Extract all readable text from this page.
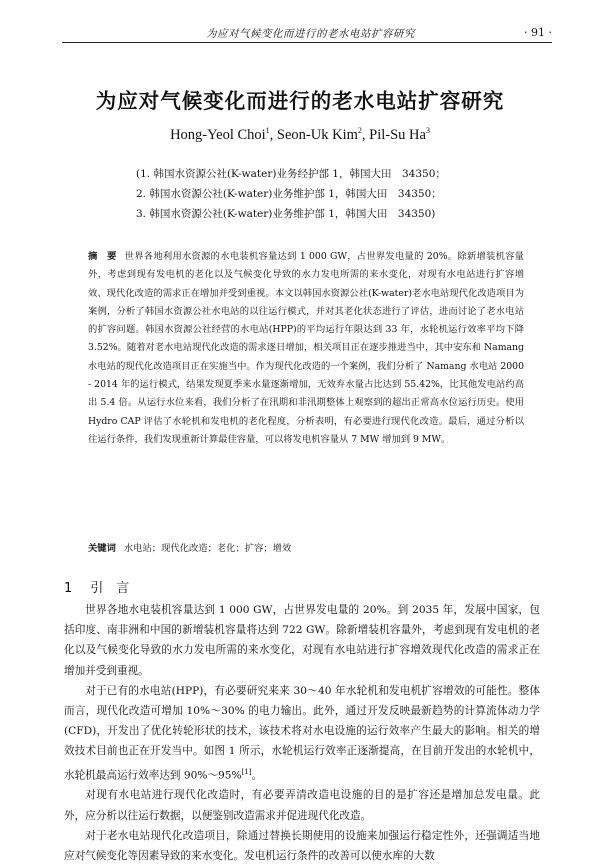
为应对气候变化而进行的老水电站扩容研究	· 91 ·
为应对气候变化而进行的老水电站扩容研究
Hong-Yeol Choi$^1$, Seon-Uk Kim$^2$, Pil-Su Ha$^3$
(1. 韩国水资源公社(K-water)业务经护部 1，韩国大田　34350；
2. 韩国水资源公社(K-water)业务维护部 1，韩国大田　34350；
3. 韩国水资源公社(K-water)业务维护部 1，韩国大田　34350)
摘　要 世界各地利用水资源的水电装机容量达到 1 000 GW，占世界发电量的 20%。除新增装机容量外，考虑到现有发电机的老化以及气候变化导致的水力发电所需的来水变化，对现有水电站进行扩容增效、现代化改造的需求正在增加并受到重视。本文以韩国水资源公社(K-water)老水电站现代化改造项目为案例，分析了韩国水资源公社水电站的以往运行模式，并对其老化状态进行了评估，进而讨论了老水电站的扩容问题。韩国水资源公社经营的水电站(HPP)的平均运行年限达到 33 年，水轮机运行效率平均下降 3.52%。随着对老水电站现代化改造的需求逐日增加，相关项目正在逐步推进当中，其中安东和 Namang 水电站的现代化改造项目正在实施当中。作为现代化改造的一个案例，我们分析了 Namang 水电站 2000 - 2014 年的运行模式，结果发现夏季来水量逐渐增加，无效弃水量占比达到 55.42%，比其他发电站约高出 5.4 倍。从运行水位来看，我们分析了在汛期和非汛期整体上观察到的超出正常高水位运行历史。使用 Hydro CAP 评估了水轮机和发电机的老化程度，分析表明，有必要进行现代化改造。最后，通过分析以往运行条件，我们发现重新计算最佳容量，可以将发电机容量从 7 MW 增加到 9 MW。
关键词 水电站；现代化改造；老化；扩容；增效
1 引　言

世界各地水电装机容量达到 1 000 GW，占世界发电量的 20%。到 2035 年，发展中国家，包括印度、南非洲和中国的新增装机容量将达到 722 GW。除新增装机容量外，考虑到现有发电机的老化以及气候变化导致的水力发电所需的来水变化，对现有水电站进行扩容增效现代化改造的需求正在增加并受到重视。

对于已有的水电站(HPP)，有必要研究来来 30～40 年水轮机和发电机扩容增效的可能性。整体而言，现代化改造可增加 10%～30% 的电力输出。此外，通过开发反映最新趋势的计算流体动力学(CFD)，开发出了优化转轮形状的技术，该技术将对水电设施的运行效率产生最大的影响。相关的增效技术目前也正在开发当中。如图 1 所示，水轮机运行效率正逐渐提高，在目前开发出的水轮机中，水轮机最高运行效率达到 90%～95%[1]。

对现有水电站进行现代化改造时，有必要弄清改造电设施的目的是扩容还是增加总发电量。此外，应分析以往运行数据，以便鉴别改造需求并促进现代化改造。

对于老水电站现代化改造项目，除通过替换长期使用的设施来加强运行稳定性外，还强调适当地应对气候变化等因素导致的来水变化。发电机运行条件的改善可以使水库的大数
